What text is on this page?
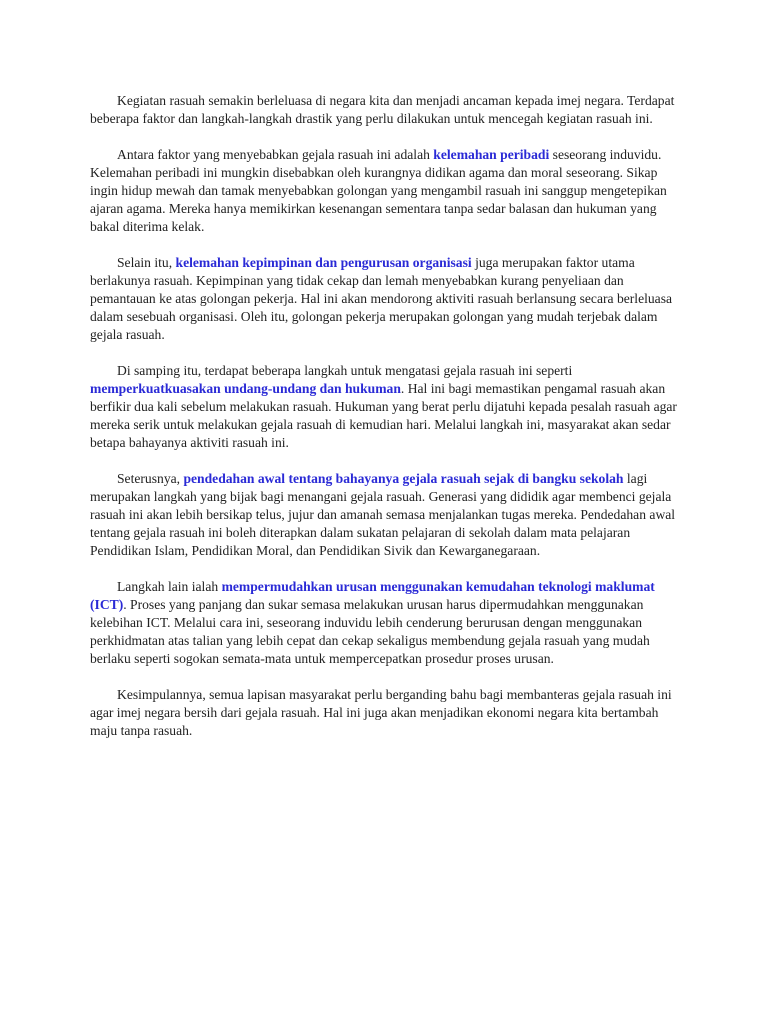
Kegiatan rasuah semakin berleluasa di negara kita dan menjadi ancaman kepada imej negara. Terdapat beberapa faktor dan langkah-langkah drastik yang perlu dilakukan untuk mencegah kegiatan rasuah ini.

Antara faktor yang menyebabkan gejala rasuah ini adalah kelemahan peribadi seseorang induvidu. Kelemahan peribadi ini mungkin disebabkan oleh kurangnya didikan agama dan moral seseorang. Sikap ingin hidup mewah dan tamak menyebabkan golongan yang mengambil rasuah ini sanggup mengetepikan ajaran agama. Mereka hanya memikirkan kesenangan sementara tanpa sedar balasan dan hukuman yang bakal diterima kelak.

Selain itu, kelemahan kepimpinan dan pengurusan organisasi juga merupakan faktor utama berlakunya rasuah. Kepimpinan yang tidak cekap dan lemah menyebabkan kurang penyeliaan dan pemantauan ke atas golongan pekerja. Hal ini akan mendorong aktiviti rasuah berlansung secara berleluasa dalam sesebuah organisasi. Oleh itu, golongan pekerja merupakan golongan yang mudah terjebak dalam gejala rasuah.

Di samping itu, terdapat beberapa langkah untuk mengatasi gejala rasuah ini seperti memperkuatkuasakan undang-undang dan hukuman. Hal ini bagi memastikan pengamal rasuah akan berfikir dua kali sebelum melakukan rasuah. Hukuman yang berat perlu dijatuhi kepada pesalah rasuah agar mereka serik untuk melakukan gejala rasuah di kemudian hari. Melalui langkah ini, masyarakat akan sedar betapa bahayanya aktiviti rasuah ini.

Seterusnya, pendedahan awal tentang bahayanya gejala rasuah sejak di bangku sekolah lagi merupakan langkah yang bijak bagi menangani gejala rasuah. Generasi yang dididik agar membenci gejala rasuah ini akan lebih bersikap telus, jujur dan amanah semasa menjalankan tugas mereka. Pendedahan awal tentang gejala rasuah ini boleh diterapkan dalam sukatan pelajaran di sekolah dalam mata pelajaran Pendidikan Islam, Pendidikan Moral, dan Pendidikan Sivik dan Kewarganegaraan.

Langkah lain ialah mempermudahkan urusan menggunakan kemudahan teknologi maklumat (ICT). Proses yang panjang dan sukar semasa melakukan urusan harus dipermudahkan menggunakan kelebihan ICT. Melalui cara ini, seseorang induvidu lebih cenderung berurusan dengan menggunakan perkhidmatan atas talian yang lebih cepat dan cekap sekaligus membendung gejala rasuah yang mudah berlaku seperti sogokan semata-mata untuk mempercepatkan prosedur proses urusan.

Kesimpulannya, semua lapisan masyarakat perlu berganding bahu bagi membanteras gejala rasuah ini agar imej negara bersih dari gejala rasuah. Hal ini juga akan menjadikan ekonomi negara kita bertambah maju tanpa rasuah.
